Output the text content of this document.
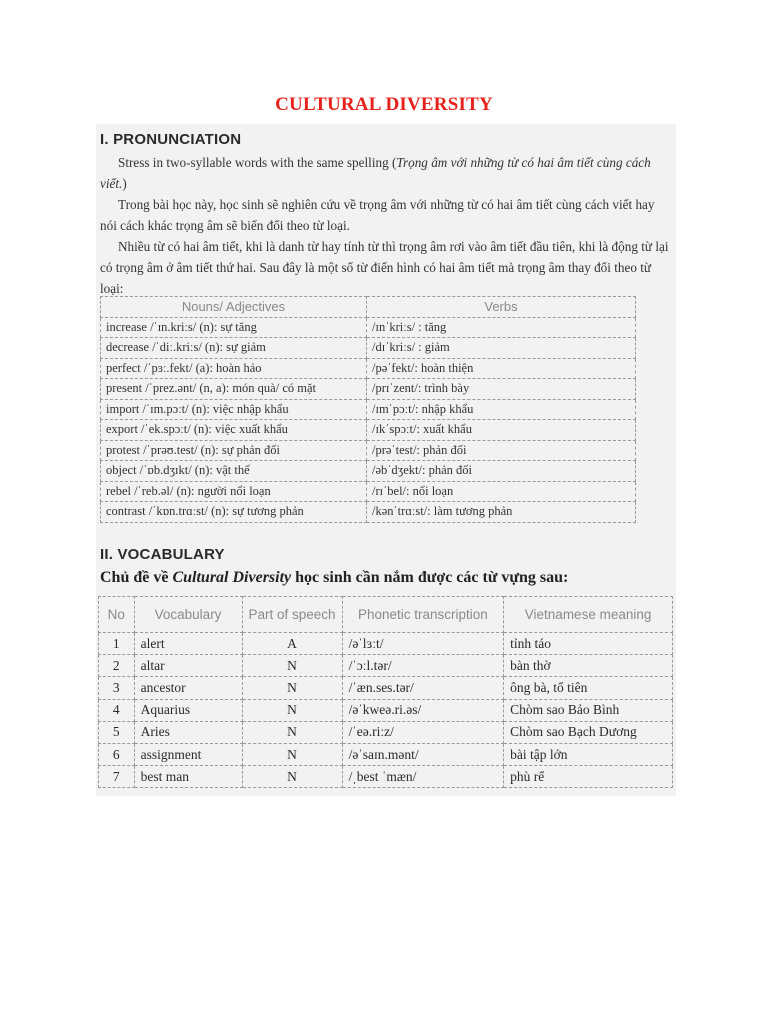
CULTURAL DIVERSITY
I. PRONUNCIATION
Stress in two-syllable words with the same spelling (Trọng âm với những từ có hai âm tiết cùng cách viết.)
Trong bài học này, học sinh sẽ nghiên cứu về trọng âm với những từ có hai âm tiết cùng cách viết hay nói cách khác trọng âm sẽ biến đổi theo từ loại.
Nhiều từ có hai âm tiết, khi là danh từ hay tính từ thì trọng âm rơi vào âm tiết đầu tiên, khi là động từ lại có trọng âm ở âm tiết thứ hai. Sau đây là một số từ điển hình có hai âm tiết mà trọng âm thay đổi theo từ loại:
Nouns/ Adjectives	Verbs
increase /ˈɪn.kriːs/ (n): sự tăng	/ɪnˈkriːs/ : tăng
decrease /ˈdiː.kriːs/ (n): sự giảm	/dɪˈkriːs/ : giảm
perfect /ˈpɜː.fekt/ (a): hoàn hảo	/pəˈfekt/: hoàn thiện
present /ˈprez.ənt/ (n, a): món quà/ có mặt	/prɪˈzent/: trình bày
import /ˈɪm.pɔːt/ (n): việc nhập khẩu	/ɪmˈpɔːt/: nhập khẩu
export /ˈek.spɔːt/ (n): việc xuất khẩu	/ɪkˈspɔːt/: xuất khẩu
protest /ˈprəʊ.test/ (n): sự phản đối	/prəˈtest/: phản đối
object /ˈɒb.dʒɪkt/ (n): vật thể	/əbˈdʒekt/: phản đối
rebel /ˈreb.əl/ (n): người nổi loạn	/rɪˈbel/: nổi loạn
contrast /ˈkɒn.trɑːst/ (n): sự tương phản	/kənˈtrɑːst/: làm tương phản
II. VOCABULARY
Chủ đề về Cultural Diversity học sinh cần nắm được các từ vựng sau:
No	Vocabulary	Part of speech	Phonetic transcription	Vietnamese meaning
1	alert	A	/əˈlɜːt/	tỉnh táo
2	altar	N	/ˈɔːl.tər/	bàn thờ
3	ancestor	N	/ˈæn.ses.tər/	ông bà, tổ tiên
4	Aquarius	N	/əˈkweə.ri.əs/	Chòm sao Bảo Bình
5	Aries	N	/ˈeə.riːz/	Chòm sao Bạch Dương
6	assignment	N	/əˈsaɪn.mənt/	bài tập lớn
7	best man	N	/ˌbest ˈmæn/	phù rể
